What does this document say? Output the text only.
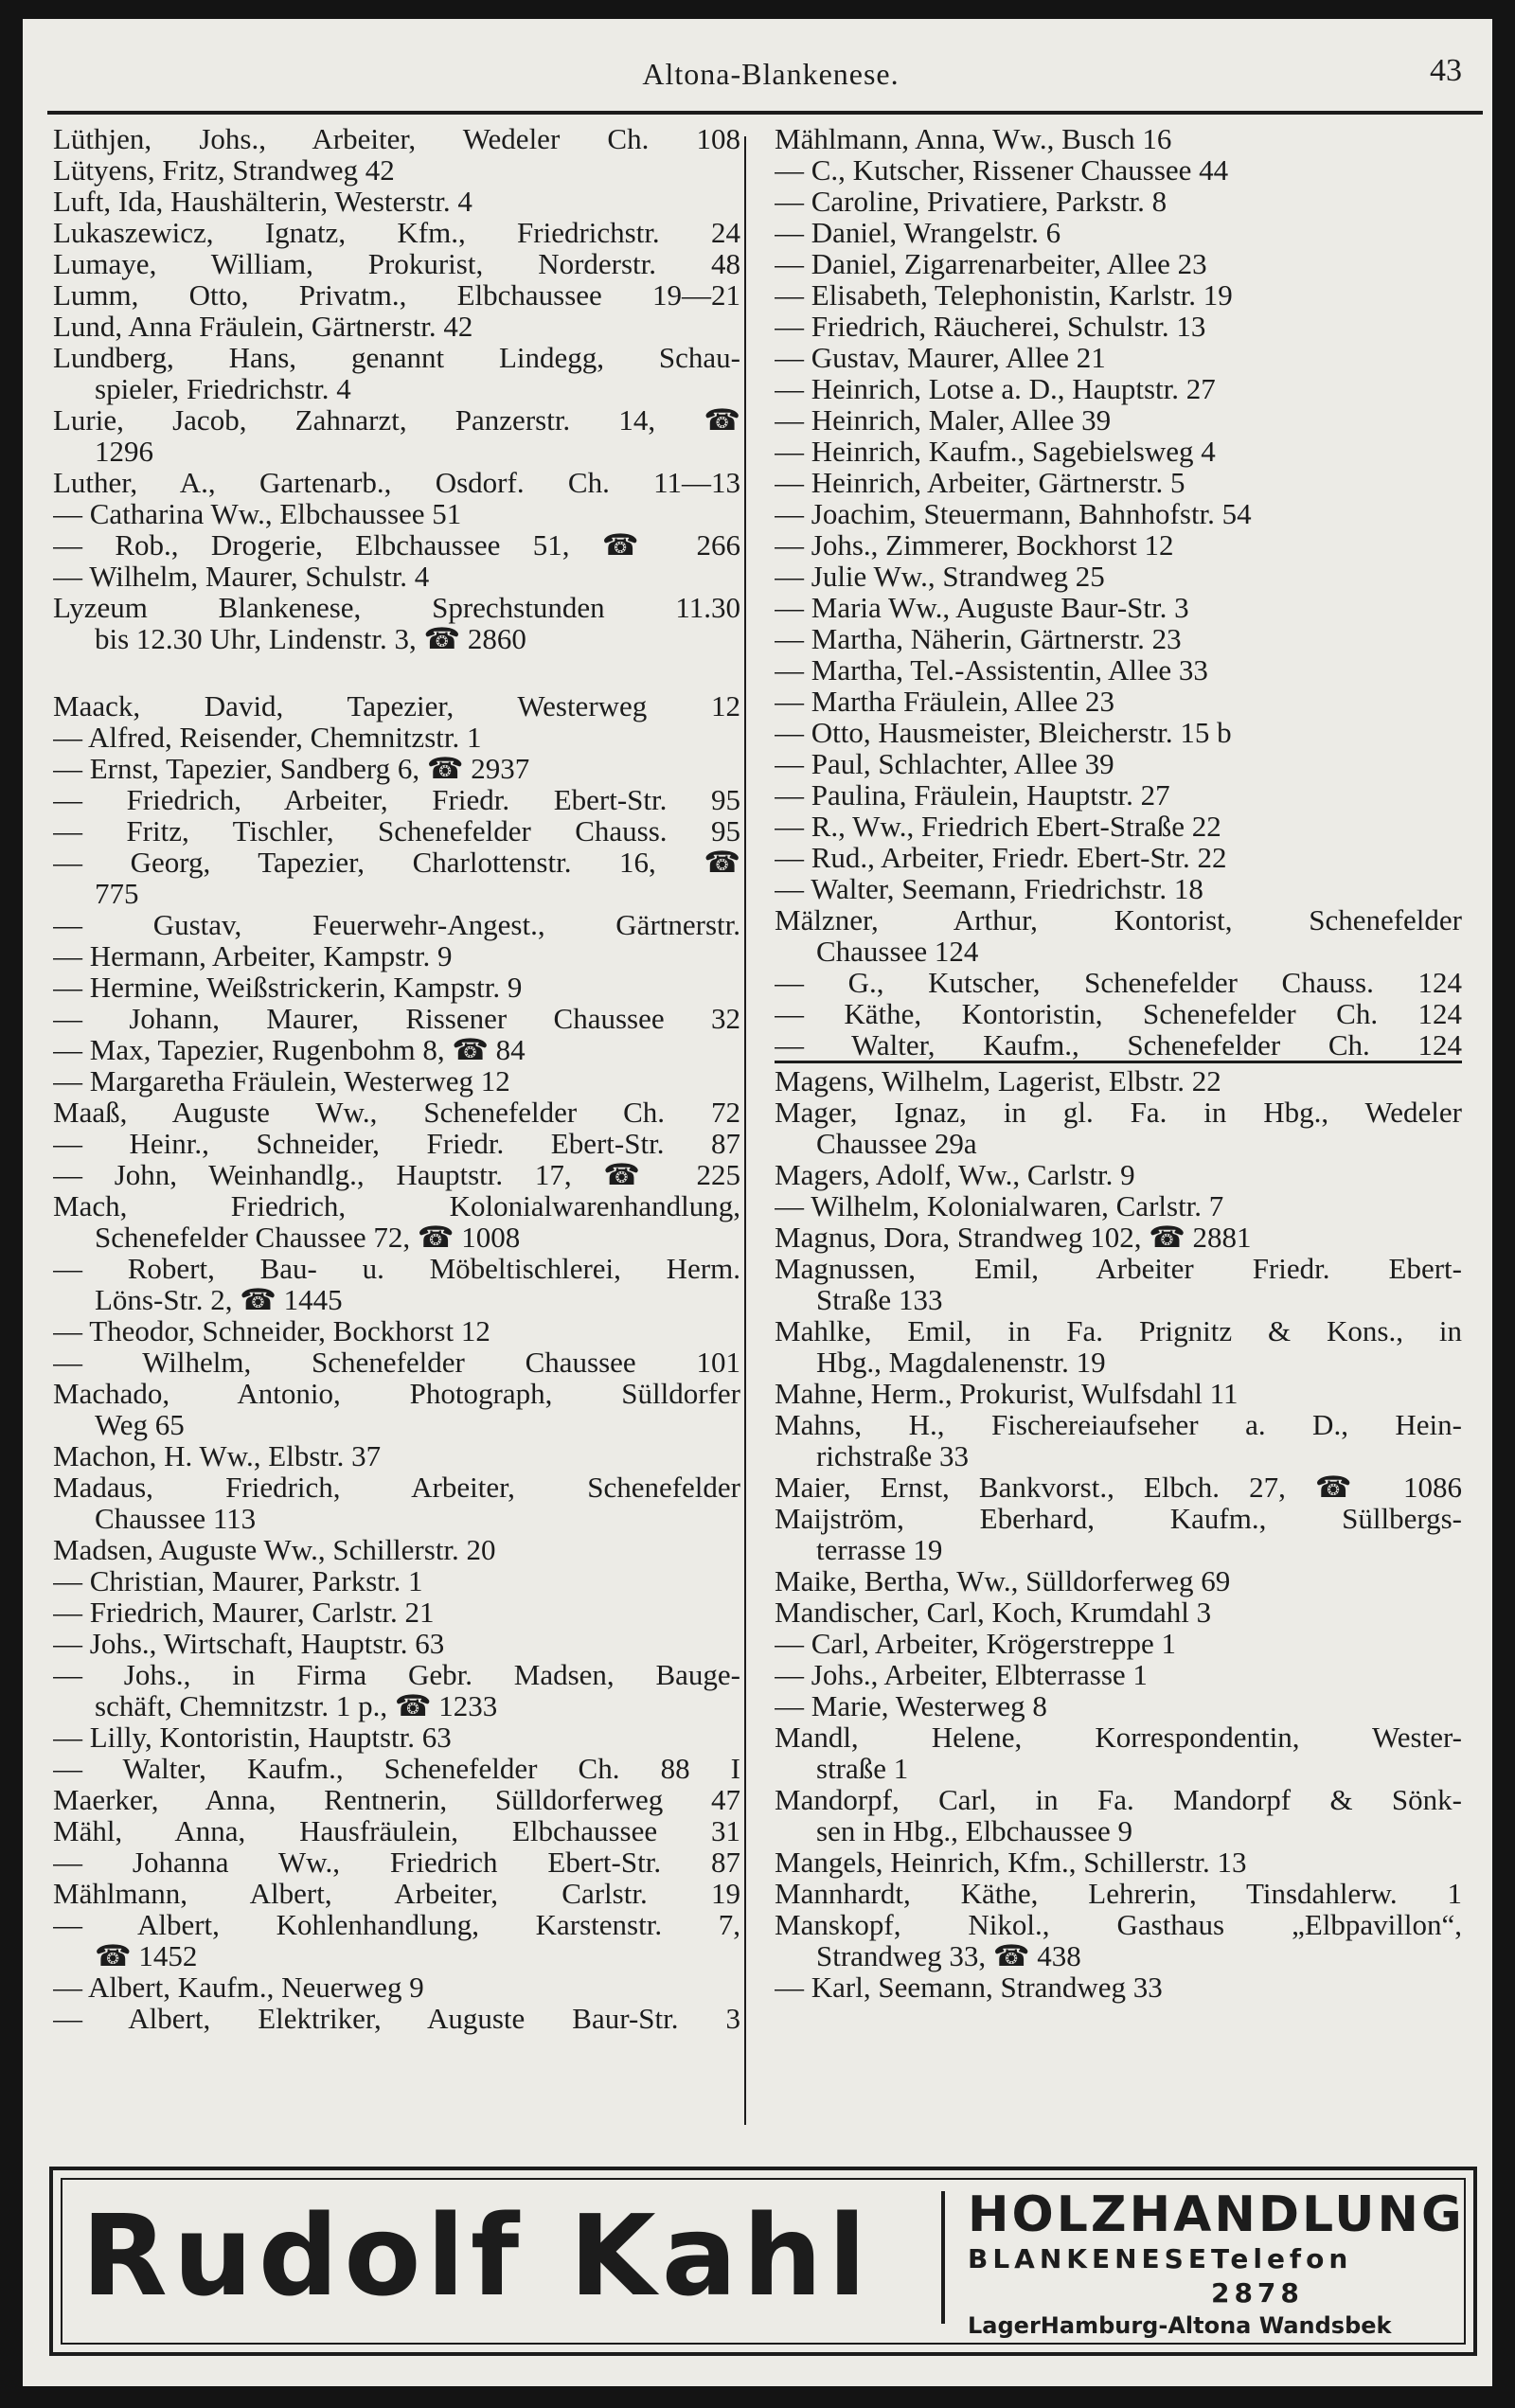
Altona-Blankenese.	43
Lüthjen, Johs., Arbeiter, Wedeler Ch. 108
Lütyens, Fritz, Strandweg 42
Luft, Ida, Haushälterin, Westerstr. 4
Lukaszewicz, Ignatz, Kfm., Friedrichstr. 24
Lumaye, William, Prokurist, Norderstr. 48
Lumm, Otto, Privatm., Elbchaussee 19—21
Lund, Anna Fräulein, Gärtnerstr. 42
Lundberg, Hans, genannt Lindegg, Schau-
spieler, Friedrichstr. 4
Lurie, Jacob, Zahnarzt, Panzerstr. 14, ☎
1296
Luther, A., Gartenarb., Osdorf. Ch. 11—13
— Catharina Ww., Elbchaussee 51
— Rob., Drogerie, Elbchaussee 51, ☎ 266
— Wilhelm, Maurer, Schulstr. 4
Lyzeum Blankenese, Sprechstunden 11.30
bis 12.30 Uhr, Lindenstr. 3, ☎ 2860
Maack, David, Tapezier, Westerweg 12
— Alfred, Reisender, Chemnitzstr. 1
— Ernst, Tapezier, Sandberg 6, ☎ 2937
— Friedrich, Arbeiter, Friedr. Ebert-Str. 95
— Fritz, Tischler, Schenefelder Chauss. 95
— Georg, Tapezier, Charlottenstr. 16, ☎
775
— Gustav, Feuerwehr-Angest., Gärtnerstr.
— Hermann, Arbeiter, Kampstr. 9
— Hermine, Weißstrickerin, Kampstr. 9
— Johann, Maurer, Rissener Chaussee 32
— Max, Tapezier, Rugenbohm 8, ☎ 84
— Margaretha Fräulein, Westerweg 12
Maaß, Auguste Ww., Schenefelder Ch. 72
— Heinr., Schneider, Friedr. Ebert-Str. 87
— John, Weinhandlg., Hauptstr. 17, ☎ 225
Mach, Friedrich, Kolonialwarenhandlung,
Schenefelder Chaussee 72, ☎ 1008
— Robert, Bau- u. Möbeltischlerei, Herm.
Löns-Str. 2, ☎ 1445
— Theodor, Schneider, Bockhorst 12
— Wilhelm, Schenefelder Chaussee 101
Machado, Antonio, Photograph, Sülldorfer
Weg 65
Machon, H. Ww., Elbstr. 37
Madaus, Friedrich, Arbeiter, Schenefelder
Chaussee 113
Madsen, Auguste Ww., Schillerstr. 20
— Christian, Maurer, Parkstr. 1
— Friedrich, Maurer, Carlstr. 21
— Johs., Wirtschaft, Hauptstr. 63
— Johs., in Firma Gebr. Madsen, Bauge-
schäft, Chemnitzstr. 1 p., ☎ 1233
— Lilly, Kontoristin, Hauptstr. 63
— Walter, Kaufm., Schenefelder Ch. 88 I
Maerker, Anna, Rentnerin, Sülldorferweg 47
Mähl, Anna, Hausfräulein, Elbchaussee 31
— Johanna Ww., Friedrich Ebert-Str. 87
Mählmann, Albert, Arbeiter, Carlstr. 19
— Albert, Kohlenhandlung, Karstenstr. 7,
☎ 1452
— Albert, Kaufm., Neuerweg 9
— Albert, Elektriker, Auguste Baur-Str. 3
Mählmann, Anna, Ww., Busch 16
— C., Kutscher, Rissener Chaussee 44
— Caroline, Privatiere, Parkstr. 8
— Daniel, Wrangelstr. 6
— Daniel, Zigarrenarbeiter, Allee 23
— Elisabeth, Telephonistin, Karlstr. 19
— Friedrich, Räucherei, Schulstr. 13
— Gustav, Maurer, Allee 21
— Heinrich, Lotse a. D., Hauptstr. 27
— Heinrich, Maler, Allee 39
— Heinrich, Kaufm., Sagebielsweg 4
— Heinrich, Arbeiter, Gärtnerstr. 5
— Joachim, Steuermann, Bahnhofstr. 54
— Johs., Zimmerer, Bockhorst 12
— Julie Ww., Strandweg 25
— Maria Ww., Auguste Baur-Str. 3
— Martha, Näherin, Gärtnerstr. 23
— Martha, Tel.-Assistentin, Allee 33
— Martha Fräulein, Allee 23
— Otto, Hausmeister, Bleicherstr. 15 b
— Paul, Schlachter, Allee 39
— Paulina, Fräulein, Hauptstr. 27
— R., Ww., Friedrich Ebert-Straße 22
— Rud., Arbeiter, Friedr. Ebert-Str. 22
— Walter, Seemann, Friedrichstr. 18
Mälzner, Arthur, Kontorist, Schenefelder
Chaussee 124
— G., Kutscher, Schenefelder Chauss. 124
— Käthe, Kontoristin, Schenefelder Ch. 124
— Walter, Kaufm., Schenefelder Ch. 124
Magens, Wilhelm, Lagerist, Elbstr. 22
Mager, Ignaz, in gl. Fa. in Hbg., Wedeler
Chaussee 29a
Magers, Adolf, Ww., Carlstr. 9
— Wilhelm, Kolonialwaren, Carlstr. 7
Magnus, Dora, Strandweg 102, ☎ 2881
Magnussen, Emil, Arbeiter Friedr. Ebert-
Straße 133
Mahlke, Emil, in Fa. Prignitz & Kons., in
Hbg., Magdalenenstr. 19
Mahne, Herm., Prokurist, Wulfsdahl 11
Mahns, H., Fischereiaufseher a. D., Hein-
richstraße 33
Maier, Ernst, Bankvorst., Elbch. 27, ☎ 1086
Maijström, Eberhard, Kaufm., Süllbergs-
terrasse 19
Maike, Bertha, Ww., Sülldorferweg 69
Mandischer, Carl, Koch, Krumdahl 3
— Carl, Arbeiter, Krögerstreppe 1
— Johs., Arbeiter, Elbterrasse 1
— Marie, Westerweg 8
Mandl, Helene, Korrespondentin, Wester-
straße 1
Mandorpf, Carl, in Fa. Mandorpf & Sönk-
sen in Hbg., Elbchaussee 9
Mangels, Heinrich, Kfm., Schillerstr. 13
Mannhardt, Käthe, Lehrerin, Tinsdahlerw. 1
Manskopf, Nikol., Gasthaus „Elbpavillon“,
Strandweg 33, ☎ 438
— Karl, Seemann, Strandweg 33
Rudolf Kahl HOLZHANDLUNG
BLANKENESE Telefon 2878
LagerHamburg-Altona Wandsbek
